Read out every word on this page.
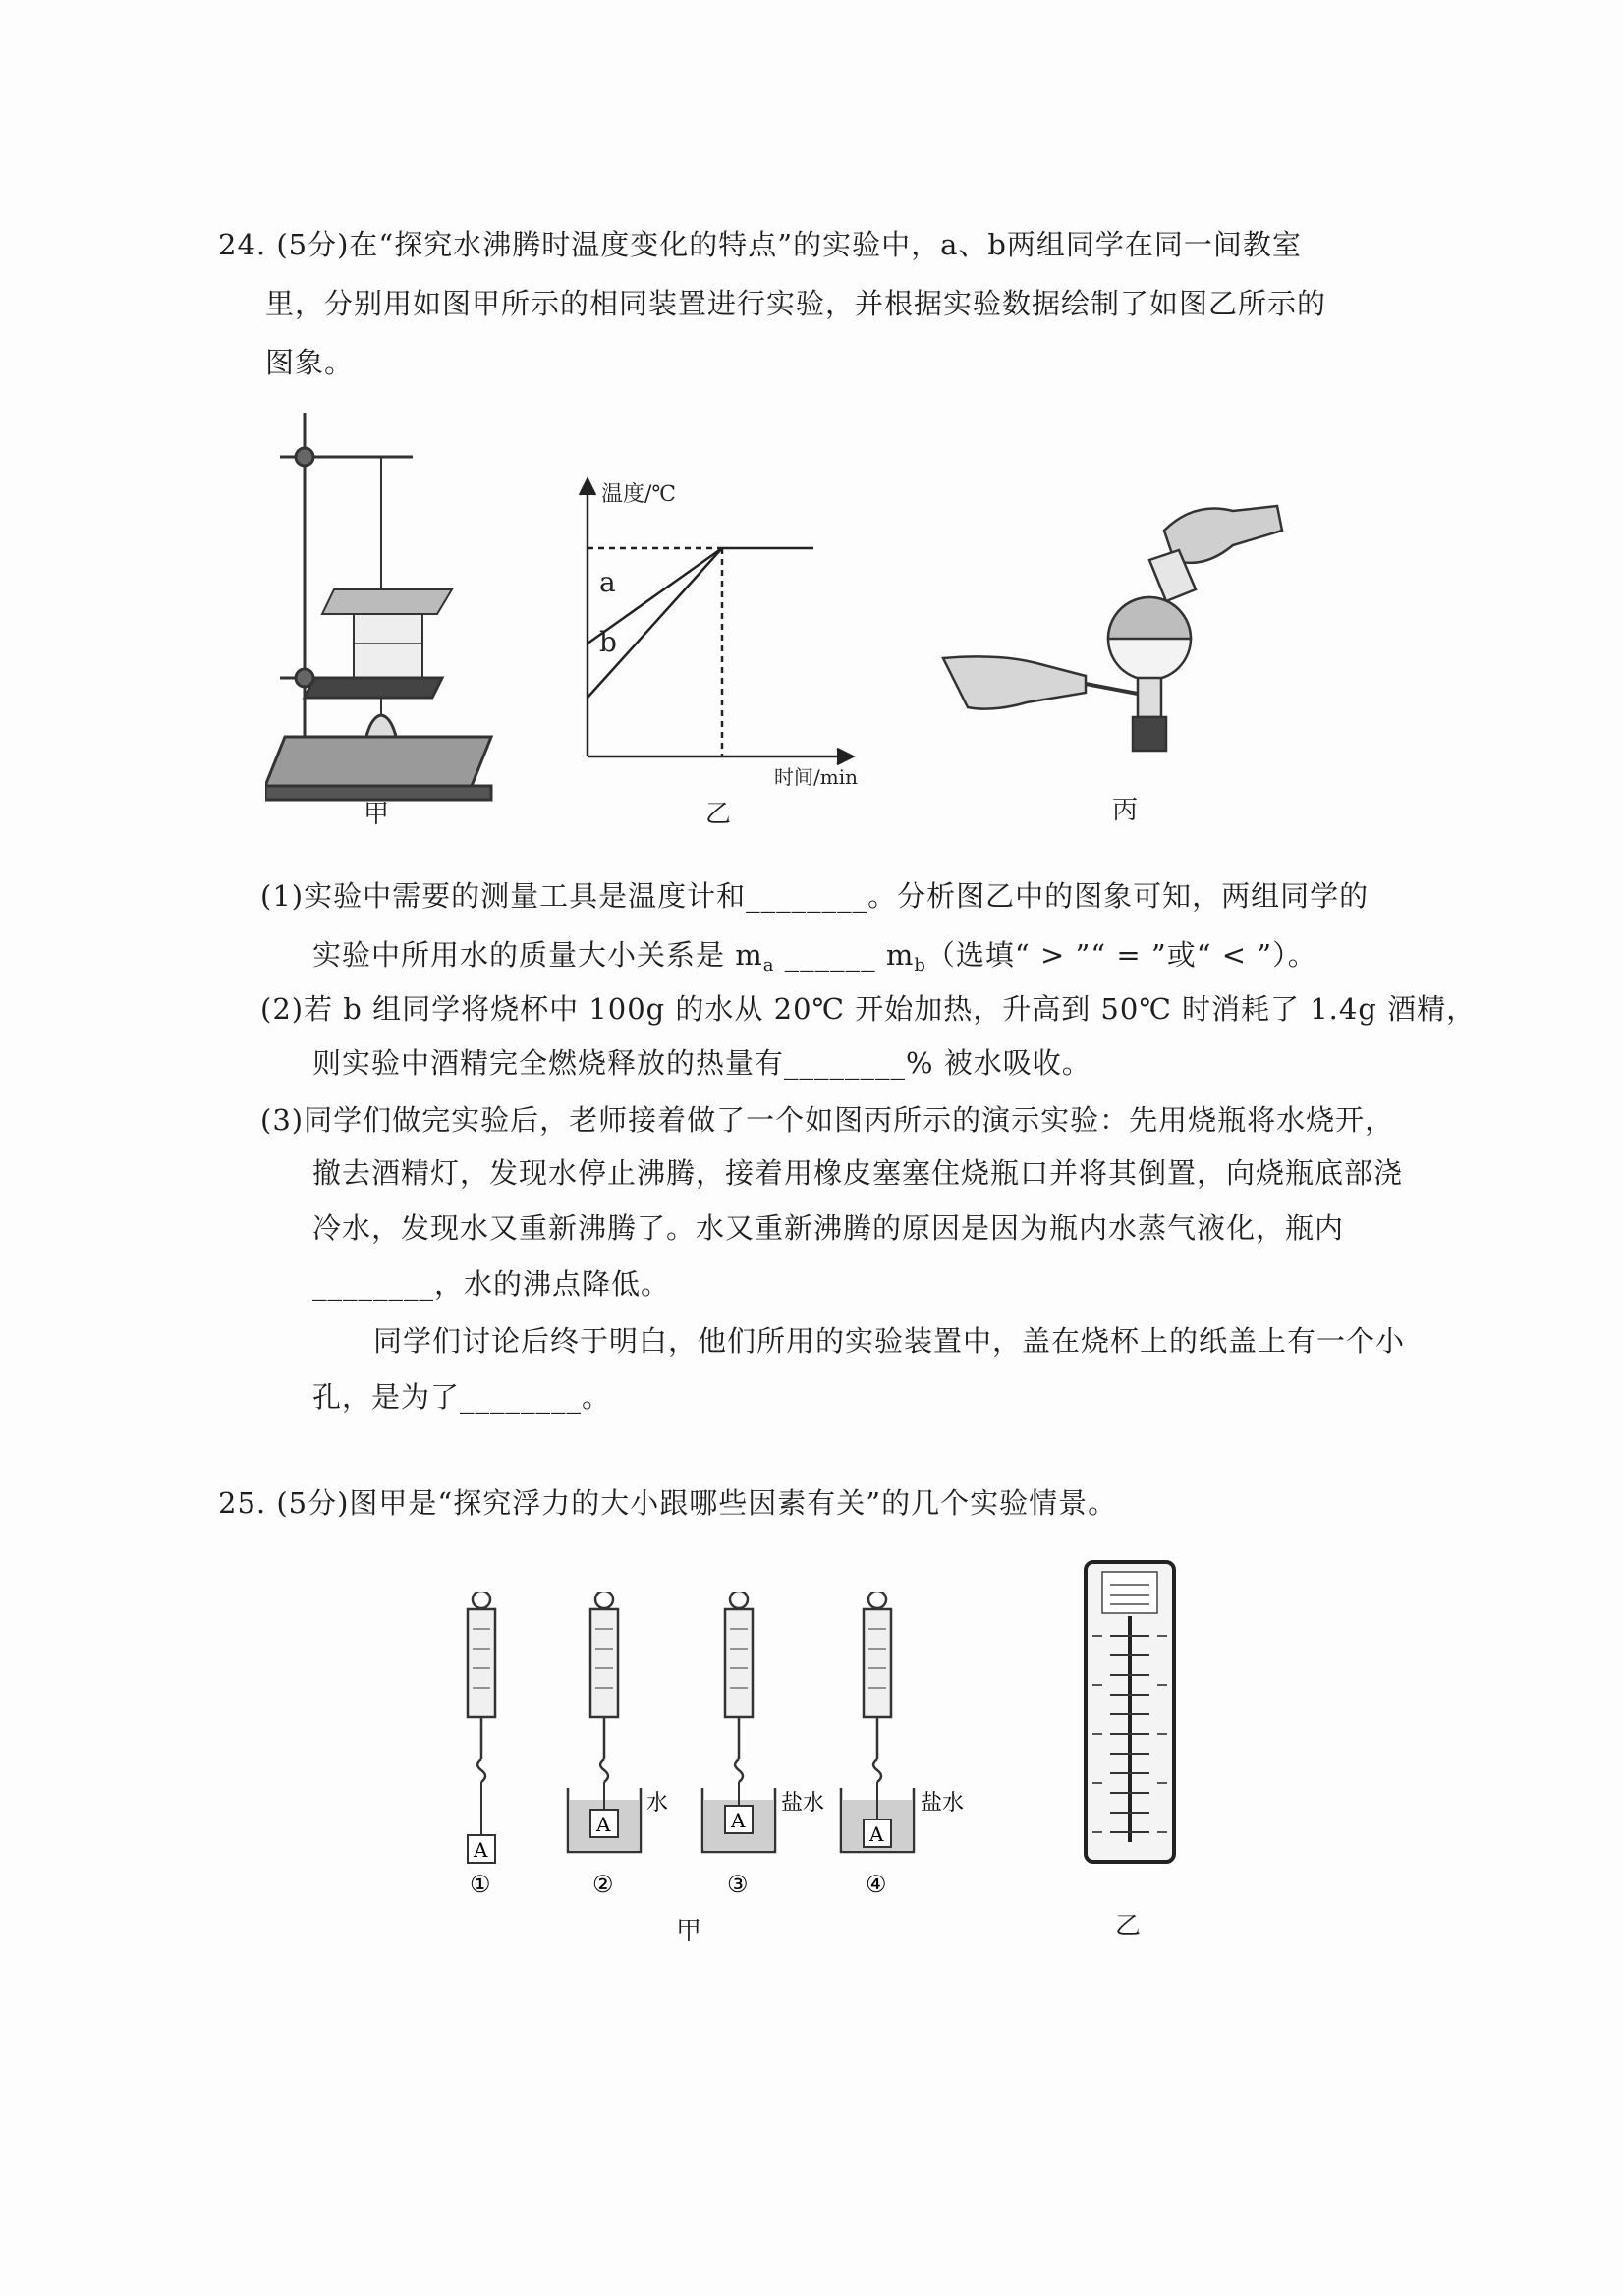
24. (5分)在“探究水沸腾时温度变化的特点”的实验中，a、b两组同学在同一间教室
里，分别用如图甲所示的相同装置进行实验，并根据实验数据绘制了如图乙所示的
图象。
甲
温度/℃
a
b
时间/min
乙	丙
(1)实验中需要的测量工具是温度计和________。分析图乙中的图象可知，两组同学的
实验中所用水的质量大小关系是 $m_a$ ______ $m_b$（选填“ > ”“ = ”或“ < ”）。
(2)若 b 组同学将烧杯中 100g 的水从 20℃ 开始加热，升高到 50℃ 时消耗了 1.4g 酒精，
则实验中酒精完全燃烧释放的热量有________% 被水吸收。
(3)同学们做完实验后，老师接着做了一个如图丙所示的演示实验：先用烧瓶将水烧开，
撤去酒精灯，发现水停止沸腾，接着用橡皮塞塞住烧瓶口并将其倒置，向烧瓶底部浇
冷水，发现水又重新沸腾了。水又重新沸腾的原因是因为瓶内水蒸气液化，瓶内
________，水的沸点降低。
同学们讨论后终于明白，他们所用的实验装置中，盖在烧杯上的纸盖上有一个小
孔，是为了________。
25. (5分)图甲是“探究浮力的大小跟哪些因素有关”的几个实验情景。
A
A
水
A
盐水
A
盐水
①	②	③	④
甲	乙
